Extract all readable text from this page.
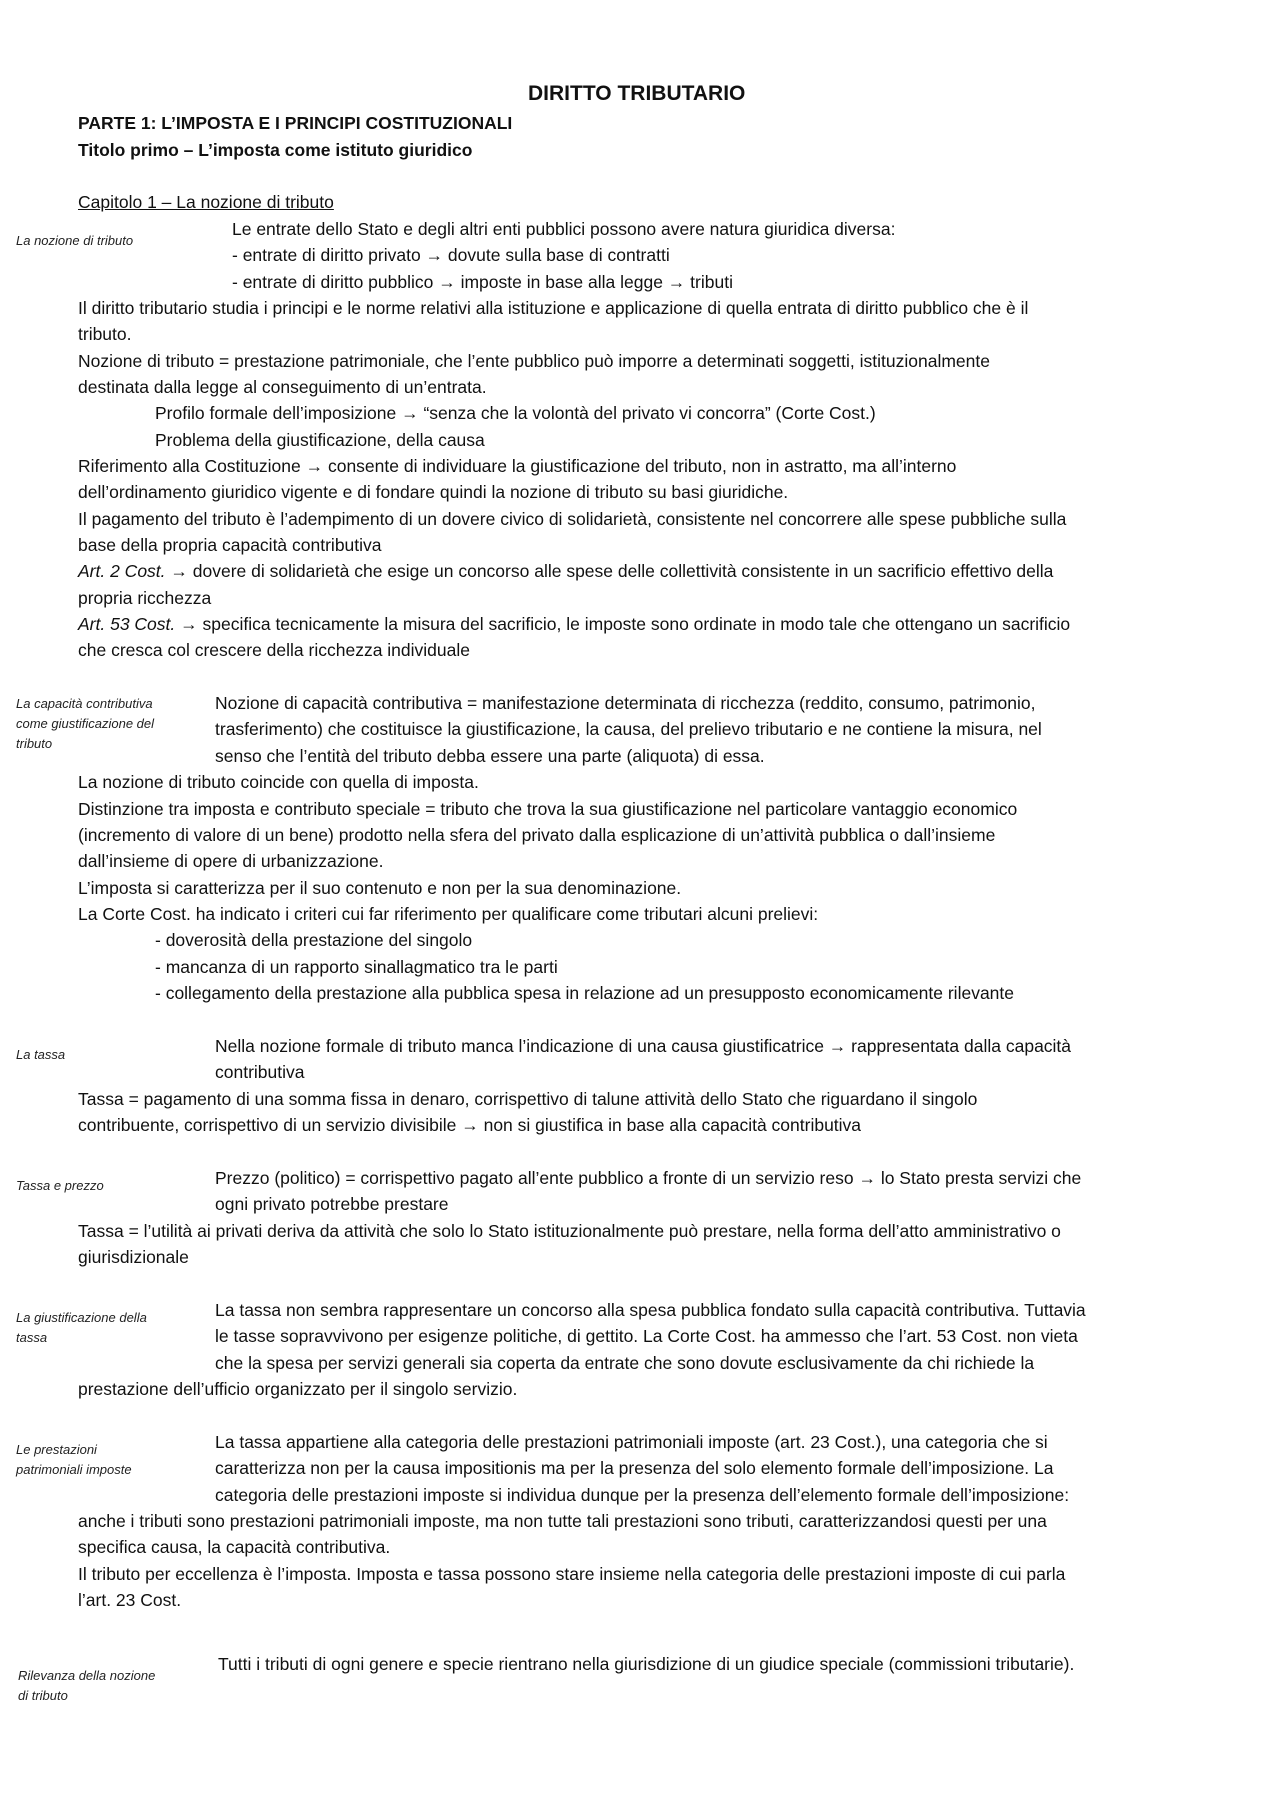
DIRITTO TRIBUTARIO
PARTE 1: L’IMPOSTA E I PRINCIPI COSTITUZIONALI
Titolo primo – L’imposta come istituto giuridico
Capitolo 1 – La nozione di tributo
La nozione di tributo
Le entrate dello Stato e degli altri enti pubblici possono avere natura giuridica diversa:
- entrate di diritto privato → dovute sulla base di contratti
- entrate di diritto pubblico → imposte in base alla legge → tributi
Il diritto tributario studia i principi e le norme relativi alla istituzione e applicazione di quella entrata di diritto pubblico che è il
tributo.
Nozione di tributo = prestazione patrimoniale, che l’ente pubblico può imporre a determinati soggetti, istituzionalmente
destinata dalla legge al conseguimento di un’entrata.
Profilo formale dell’imposizione → “senza che la volontà del privato vi concorra” (Corte Cost.)
Problema della giustificazione, della causa
Riferimento alla Costituzione → consente di individuare la giustificazione del tributo, non in astratto, ma all’interno
dell’ordinamento giuridico vigente e di fondare quindi la nozione di tributo su basi giuridiche.
Il pagamento del tributo è l’adempimento di un dovere civico di solidarietà, consistente nel concorrere alle spese pubbliche sulla
base della propria capacità contributiva
Art. 2 Cost. → dovere di solidarietà che esige un concorso alle spese delle collettività consistente in un sacrificio effettivo della
propria ricchezza
Art. 53 Cost. → specifica tecnicamente la misura del sacrificio, le imposte sono ordinate in modo tale che ottengano un sacrificio
che cresca col crescere della ricchezza individuale
La capacità contributiva
come giustificazione del
tributo
Nozione di capacità contributiva = manifestazione determinata di ricchezza (reddito, consumo, patrimonio,
trasferimento) che costituisce la giustificazione, la causa, del prelievo tributario e ne contiene la misura, nel
senso che l’entità del tributo debba essere una parte (aliquota) di essa.
La nozione di tributo coincide con quella di imposta.
Distinzione tra imposta e contributo speciale = tributo che trova la sua giustificazione nel particolare vantaggio economico
(incremento di valore di un bene) prodotto nella sfera del privato dalla esplicazione di un’attività pubblica o dall’insieme
dall’insieme di opere di urbanizzazione.
L’imposta si caratterizza per il suo contenuto e non per la sua denominazione.
La Corte Cost. ha indicato i criteri cui far riferimento per qualificare come tributari alcuni prelievi:
- doverosità della prestazione del singolo
- mancanza di un rapporto sinallagmatico tra le parti
- collegamento della prestazione alla pubblica spesa in relazione ad un presupposto economicamente rilevante
La tassa	Nella nozione formale di tributo manca l’indicazione di una causa giustificatrice → rappresentata dalla capacità
contributiva
Tassa = pagamento di una somma fissa in denaro, corrispettivo di talune attività dello Stato che riguardano il singolo
contribuente, corrispettivo di un servizio divisibile → non si giustifica in base alla capacità contributiva
Tassa e prezzo	Prezzo (politico) = corrispettivo pagato all’ente pubblico a fronte di un servizio reso → lo Stato presta servizi che
ogni privato potrebbe prestare
Tassa = l’utilità ai privati deriva da attività che solo lo Stato istituzionalmente può prestare, nella forma dell’atto amministrativo o
giurisdizionale
La giustificazione della
tassa
La tassa non sembra rappresentare un concorso alla spesa pubblica fondato sulla capacità contributiva. Tuttavia
le tasse sopravvivono per esigenze politiche, di gettito. La Corte Cost. ha ammesso che l’art. 53 Cost. non vieta
che la spesa per servizi generali sia coperta da entrate che sono dovute esclusivamente da chi richiede la
prestazione dell’ufficio organizzato per il singolo servizio.
Le prestazioni
patrimoniali imposte
La tassa appartiene alla categoria delle prestazioni patrimoniali imposte (art. 23 Cost.), una categoria che si
caratterizza non per la causa impositionis ma per la presenza del solo elemento formale dell’imposizione. La
categoria delle prestazioni imposte si individua dunque per la presenza dell’elemento formale dell’imposizione:
anche i tributi sono prestazioni patrimoniali imposte, ma non tutte tali prestazioni sono tributi, caratterizzandosi questi per una
specifica causa, la capacità contributiva.
Il tributo per eccellenza è l’imposta. Imposta e tassa possono stare insieme nella categoria delle prestazioni imposte di cui parla
l’art. 23 Cost.
Rilevanza della nozione
di tributo
Tutti i tributi di ogni genere e specie rientrano nella giurisdizione di un giudice speciale (commissioni tributarie).
